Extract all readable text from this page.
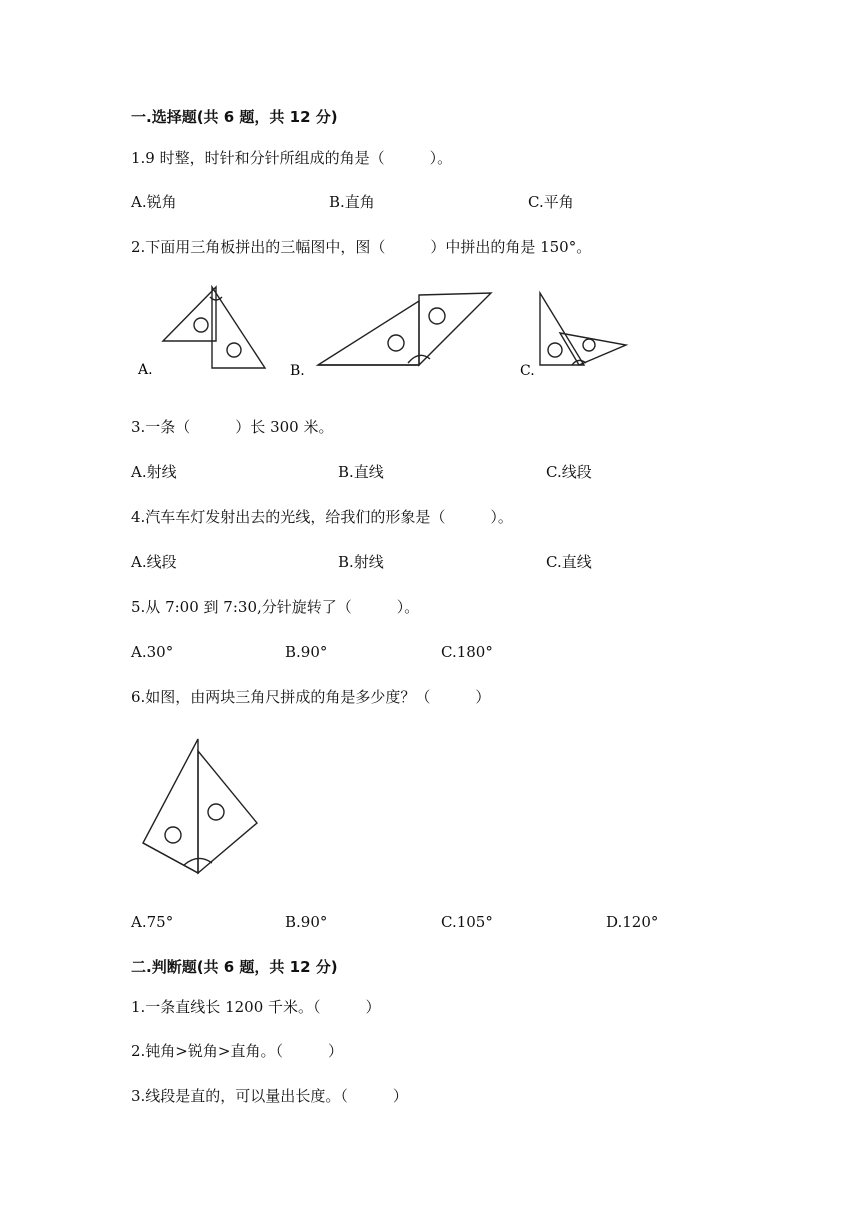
一.选择题(共 6 题，共 12 分)
1.9 时整，时针和分针所组成的角是（　　　）。
A.锐角	B.直角	C.平角
2.下面用三角板拼出的三幅图中，图（　　　）中拼出的角是 150°。
A.	B.	C.
3.一条（　　　）长 300 米。
A.射线	B.直线	C.线段
4.汽车车灯发射出去的光线，给我们的形象是（　　　）。
A.线段	B.射线	C.直线
5.从 7:00 到 7:30,分针旋转了（　　　）。
A.30°	B.90°	C.180°
6.如图，由两块三角尺拼成的角是多少度？（　　　）
A.75°	B.90°	C.105°	D.120°
二.判断题(共 6 题，共 12 分)
1.一条直线长 1200 千米。（　　　）
2.钝角>锐角>直角。（　　　）
3.线段是直的，可以量出长度。（　　　）
